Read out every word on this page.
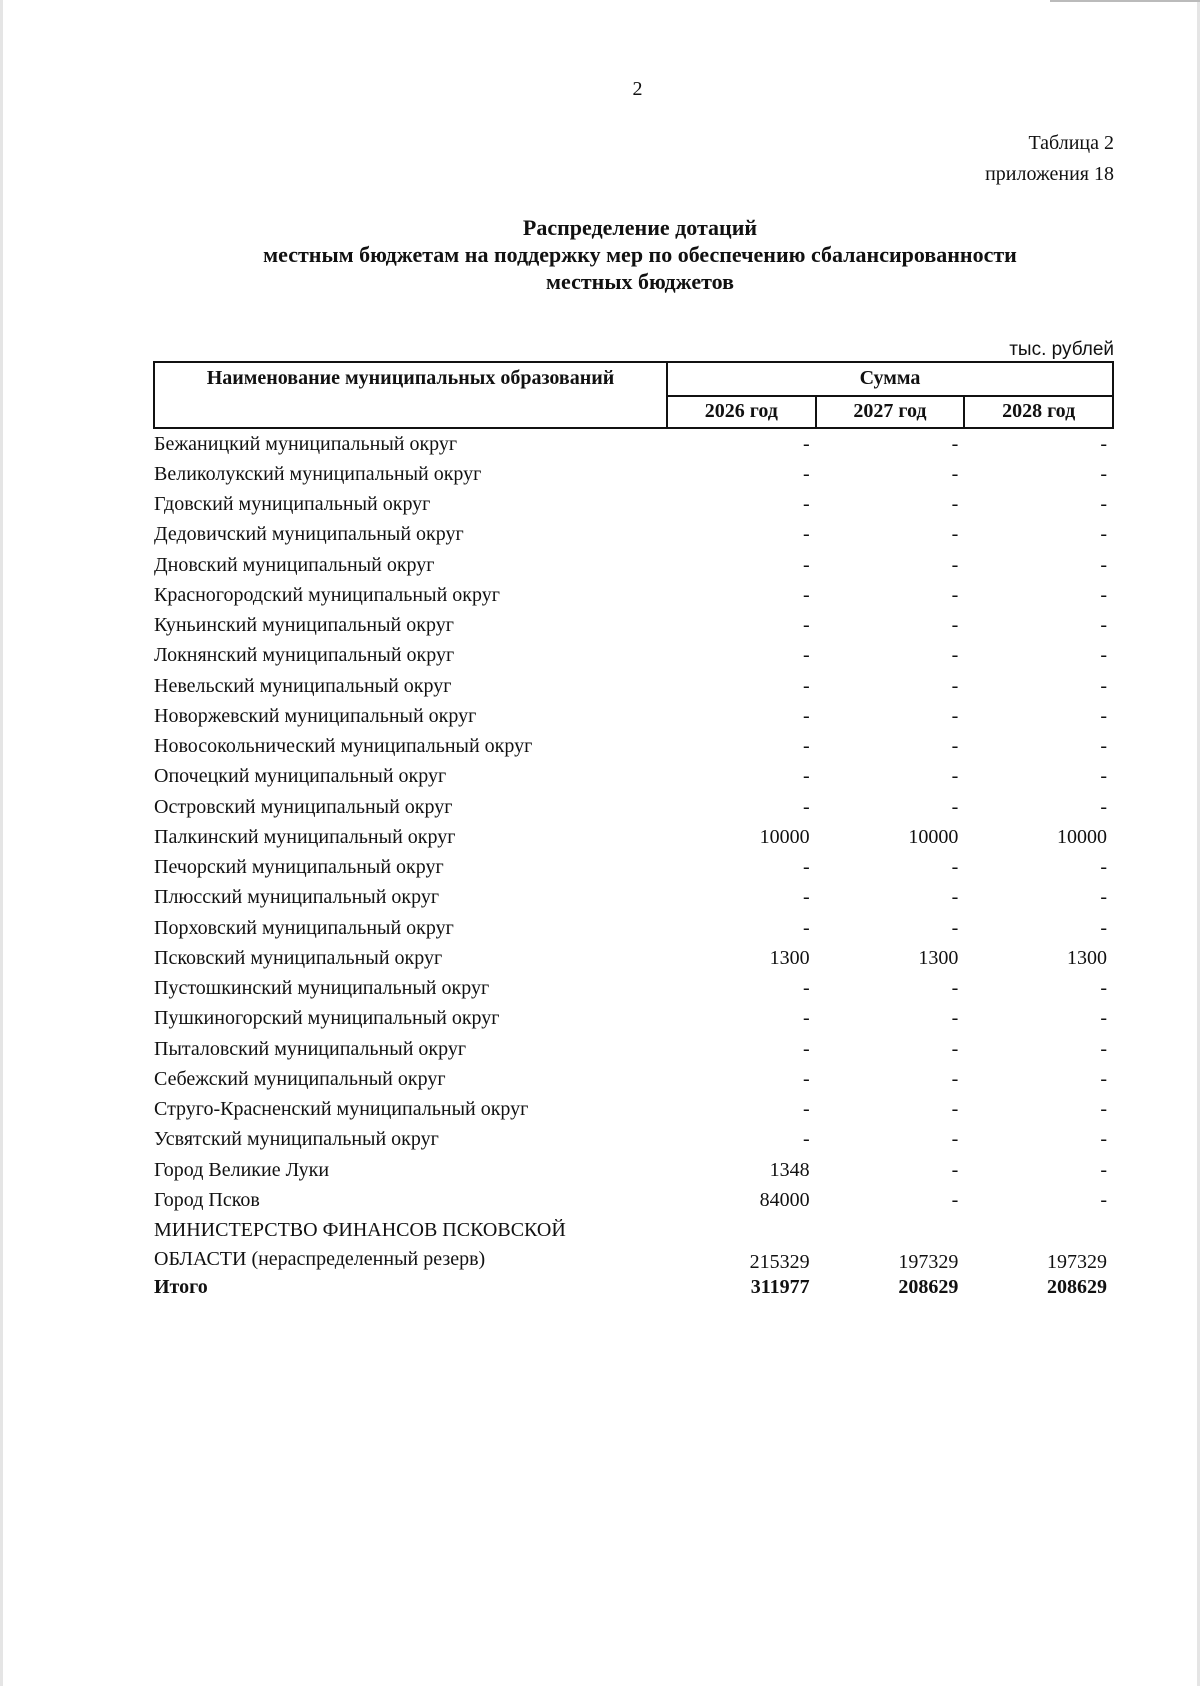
2
Таблица 2
приложения 18
Распределение дотаций
местным бюджетам на поддержку мер по обеспечению сбалансированности
местных бюджетов
тыс. рублей
Наименование муниципальных образований	Сумма		
	2026 год	2027 год	2028 год
Бежаницкий муниципальный округ	-	-	-
Великолукский муниципальный округ	-	-	-
Гдовский муниципальный округ	-	-	-
Дедовичский муниципальный округ	-	-	-
Дновский муниципальный округ	-	-	-
Красногородский муниципальный округ	-	-	-
Куньинский муниципальный округ	-	-	-
Локнянский муниципальный округ	-	-	-
Невельский муниципальный округ	-	-	-
Новоржевский муниципальный округ	-	-	-
Новосокольнический муниципальный округ	-	-	-
Опочецкий муниципальный округ	-	-	-
Островский муниципальный округ	-	-	-
Палкинский муниципальный округ	10000	10000	10000
Печорский муниципальный округ	-	-	-
Плюсский муниципальный округ	-	-	-
Порховский муниципальный округ	-	-	-
Псковский муниципальный округ	1300	1300	1300
Пустошкинский муниципальный округ	-	-	-
Пушкиногорский муниципальный округ	-	-	-
Пыталовский муниципальный округ	-	-	-
Себежский муниципальный округ	-	-	-
Струго-Красненский муниципальный округ	-	-	-
Усвятский муниципальный округ	-	-	-
Город Великие Луки	1348	-	-
Город Псков	84000	-	-

МИНИСТЕРСТВО ФИНАНСОВ ПСКОВСКОЙ
ОБЛАСТИ (нераспределенный резерв)	215329	197329	197329
Итого	311977	208629	208629
